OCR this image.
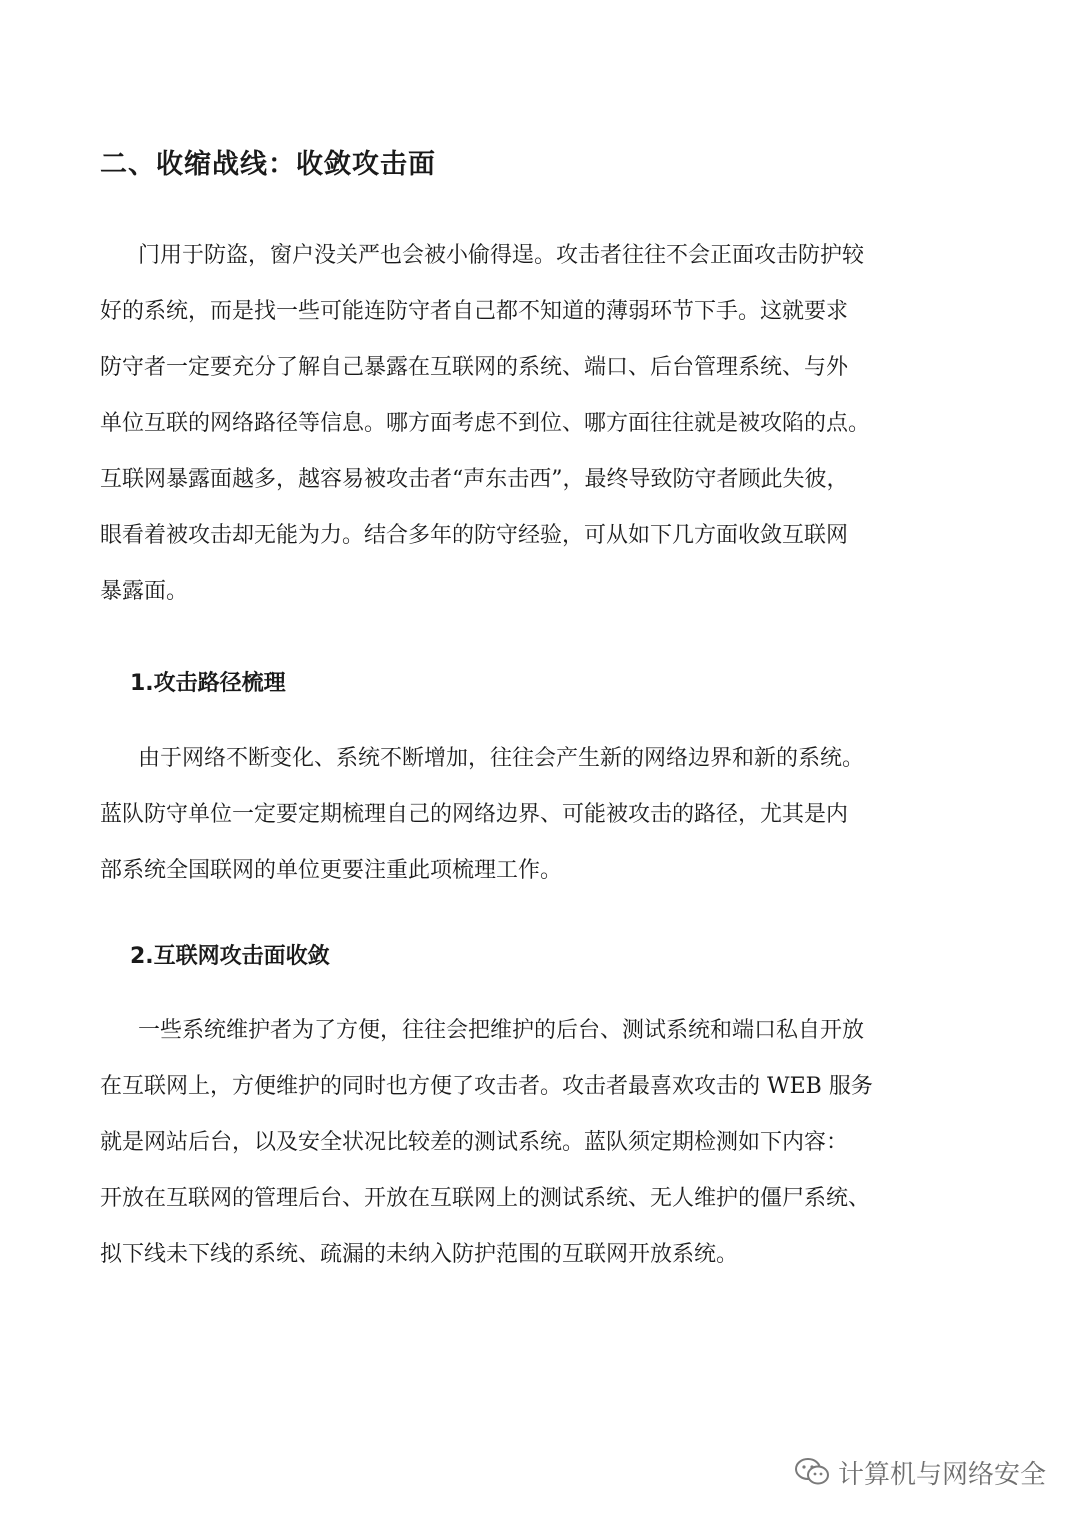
二、收缩战线：收敛攻击面
门用于防盗，窗户没关严也会被小偷得逞。攻击者往往不会正面攻击防护较
好的系统，而是找一些可能连防守者自己都不知道的薄弱环节下手。这就要求
防守者一定要充分了解自己暴露在互联网的系统、端口、后台管理系统、与外
单位互联的网络路径等信息。哪方面考虑不到位、哪方面往往就是被攻陷的点。
互联网暴露面越多，越容易被攻击者“声东击西”，最终导致防守者顾此失彼，
眼看着被攻击却无能为力。结合多年的防守经验，可从如下几方面收敛互联网
暴露面。
1.攻击路径梳理
由于网络不断变化、系统不断增加，往往会产生新的网络边界和新的系统。
蓝队防守单位一定要定期梳理自己的网络边界、可能被攻击的路径，尤其是内
部系统全国联网的单位更要注重此项梳理工作。
2.互联网攻击面收敛
一些系统维护者为了方便，往往会把维护的后台、测试系统和端口私自开放
在互联网上，方便维护的同时也方便了攻击者。攻击者最喜欢攻击的 WEB 服务
就是网站后台，以及安全状况比较差的测试系统。蓝队须定期检测如下内容：
开放在互联网的管理后台、开放在互联网上的测试系统、无人维护的僵尸系统、
拟下线未下线的系统、疏漏的未纳入防护范围的互联网开放系统。
计算机与网络安全
